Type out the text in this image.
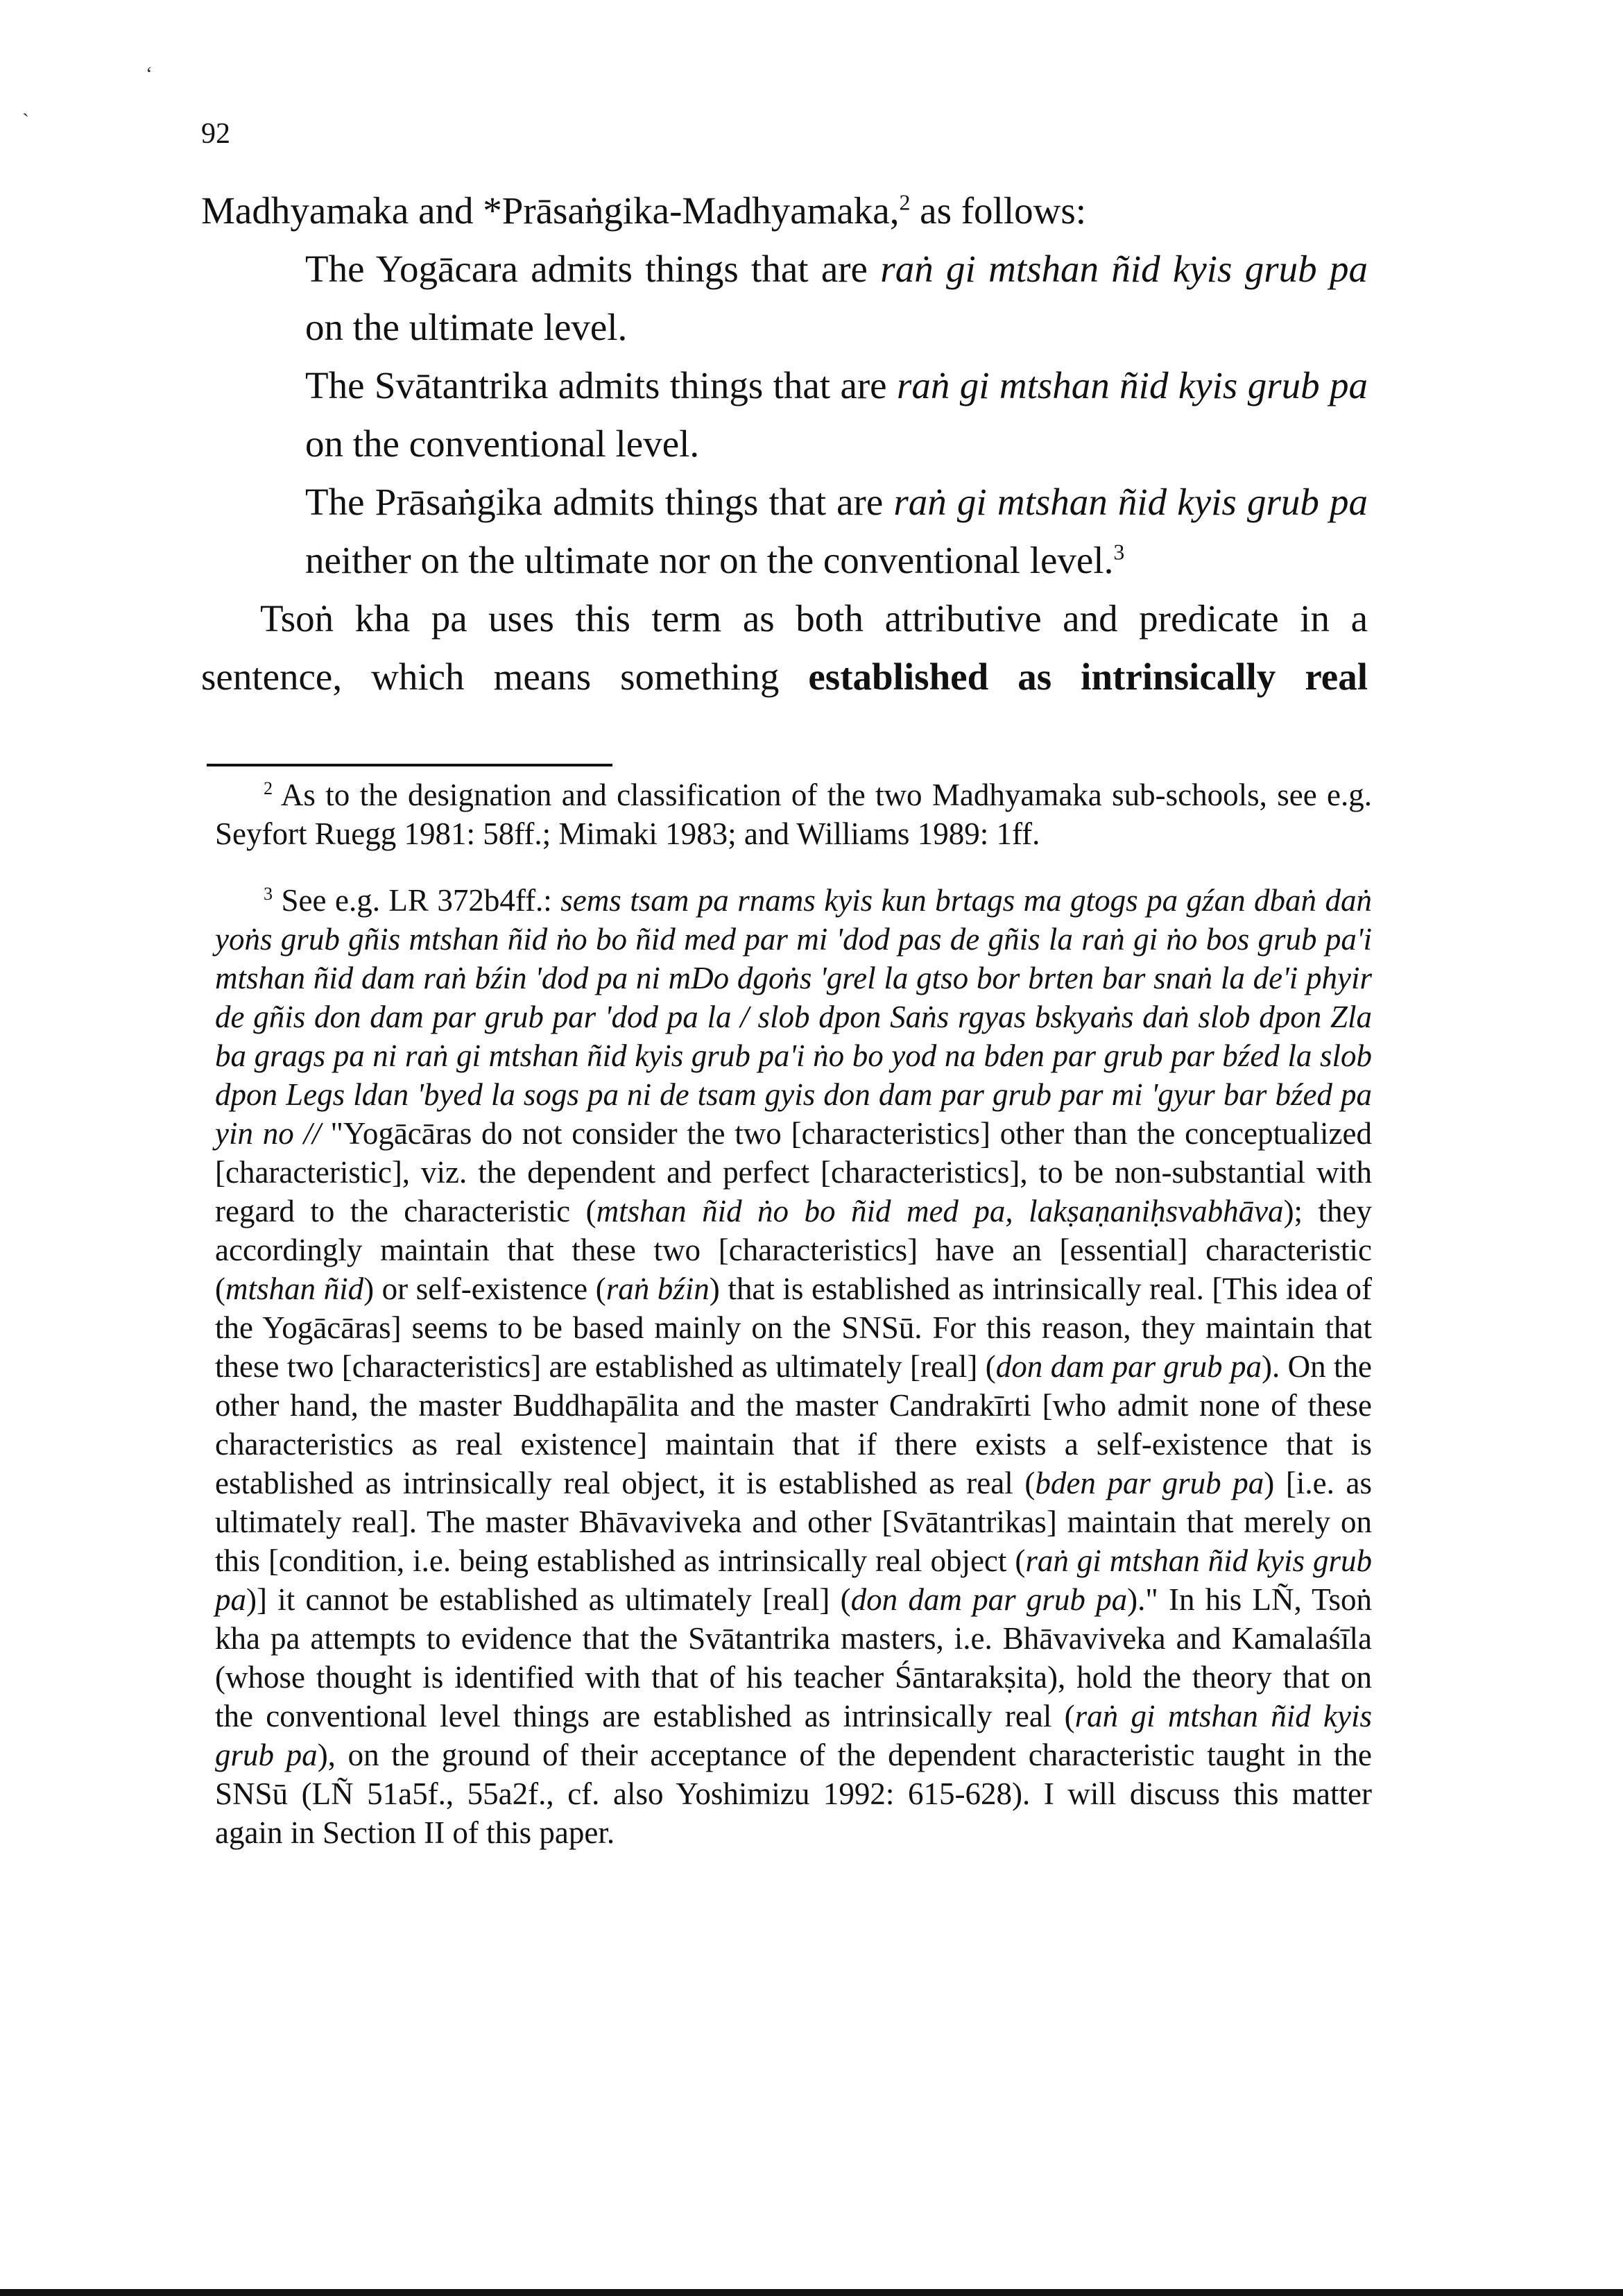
ʻ
ˋ	92

Madhyamaka and *Prāsaṅgika-Madhyamaka,$^2$ as follows:

The Yogācara admits things that are raṅ gi mtshan ñid kyis grub pa on the ultimate level.

The Svātantrika admits things that are raṅ gi mtshan ñid kyis grub pa on the conventional level.

The Prāsaṅgika admits things that are raṅ gi mtshan ñid kyis grub pa neither on the ultimate nor on the conventional level.$^3$

Tsoṅ kha pa uses this term as both attributive and predicate in a sentence, which means something established as intrinsically real

$^2$ As to the designation and classification of the two Madhyamaka sub-schools, see e.g. Seyfort Ruegg 1981: 58ff.; Mimaki 1983; and Williams 1989: 1ff.

$^3$ See e.g. LR 372b4ff.: sems tsam pa rnams kyis kun brtags ma gtogs pa gźan dbaṅ daṅ yoṅs grub gñis mtshan ñid ṅo bo ñid med par mi 'dod pas de gñis la raṅ gi ṅo bos grub pa'i mtshan ñid dam raṅ bźin 'dod pa ni mDo dgoṅs 'grel la gtso bor brten bar snaṅ la de'i phyir de gñis don dam par grub par 'dod pa la / slob dpon Saṅs rgyas bskyaṅs daṅ slob dpon Zla ba grags pa ni raṅ gi mtshan ñid kyis grub pa'i ṅo bo yod na bden par grub par bźed la slob dpon Legs ldan 'byed la sogs pa ni de tsam gyis don dam par grub par mi 'gyur bar bźed pa yin no // "Yogācāras do not consider the two [characteristics] other than the conceptualized [characteristic], viz. the dependent and perfect [characteristics], to be non-substantial with regard to the characteristic (mtshan ñid ṅo bo ñid med pa, lakṣaṇaniḥsvabhāva); they accordingly maintain that these two [characteristics] have an [essential] characteristic (mtshan ñid) or self-existence (raṅ bźin) that is established as intrinsically real. [This idea of the Yogācāras] seems to be based mainly on the SNSū. For this reason, they maintain that these two [characteristics] are established as ultimately [real] (don dam par grub pa). On the other hand, the master Buddhapālita and the master Candrakīrti [who admit none of these characteristics as real existence] maintain that if there exists a self-existence that is established as intrinsically real object, it is established as real (bden par grub pa) [i.e. as ultimately real]. The master Bhāvaviveka and other [Svātantrikas] maintain that merely on this [condition, i.e. being established as intrinsically real object (raṅ gi mtshan ñid kyis grub pa)] it cannot be established as ultimately [real] (don dam par grub pa)." In his LÑ, Tsoṅ kha pa attempts to evidence that the Svātantrika masters, i.e. Bhāvaviveka and Kamalaśīla (whose thought is identified with that of his teacher Śāntarakṣita), hold the theory that on the conventional level things are established as intrinsically real (raṅ gi mtshan ñid kyis grub pa), on the ground of their acceptance of the dependent characteristic taught in the SNSū (LÑ 51a5f., 55a2f., cf. also Yoshimizu 1992: 615-628). I will discuss this matter again in Section II of this paper.
